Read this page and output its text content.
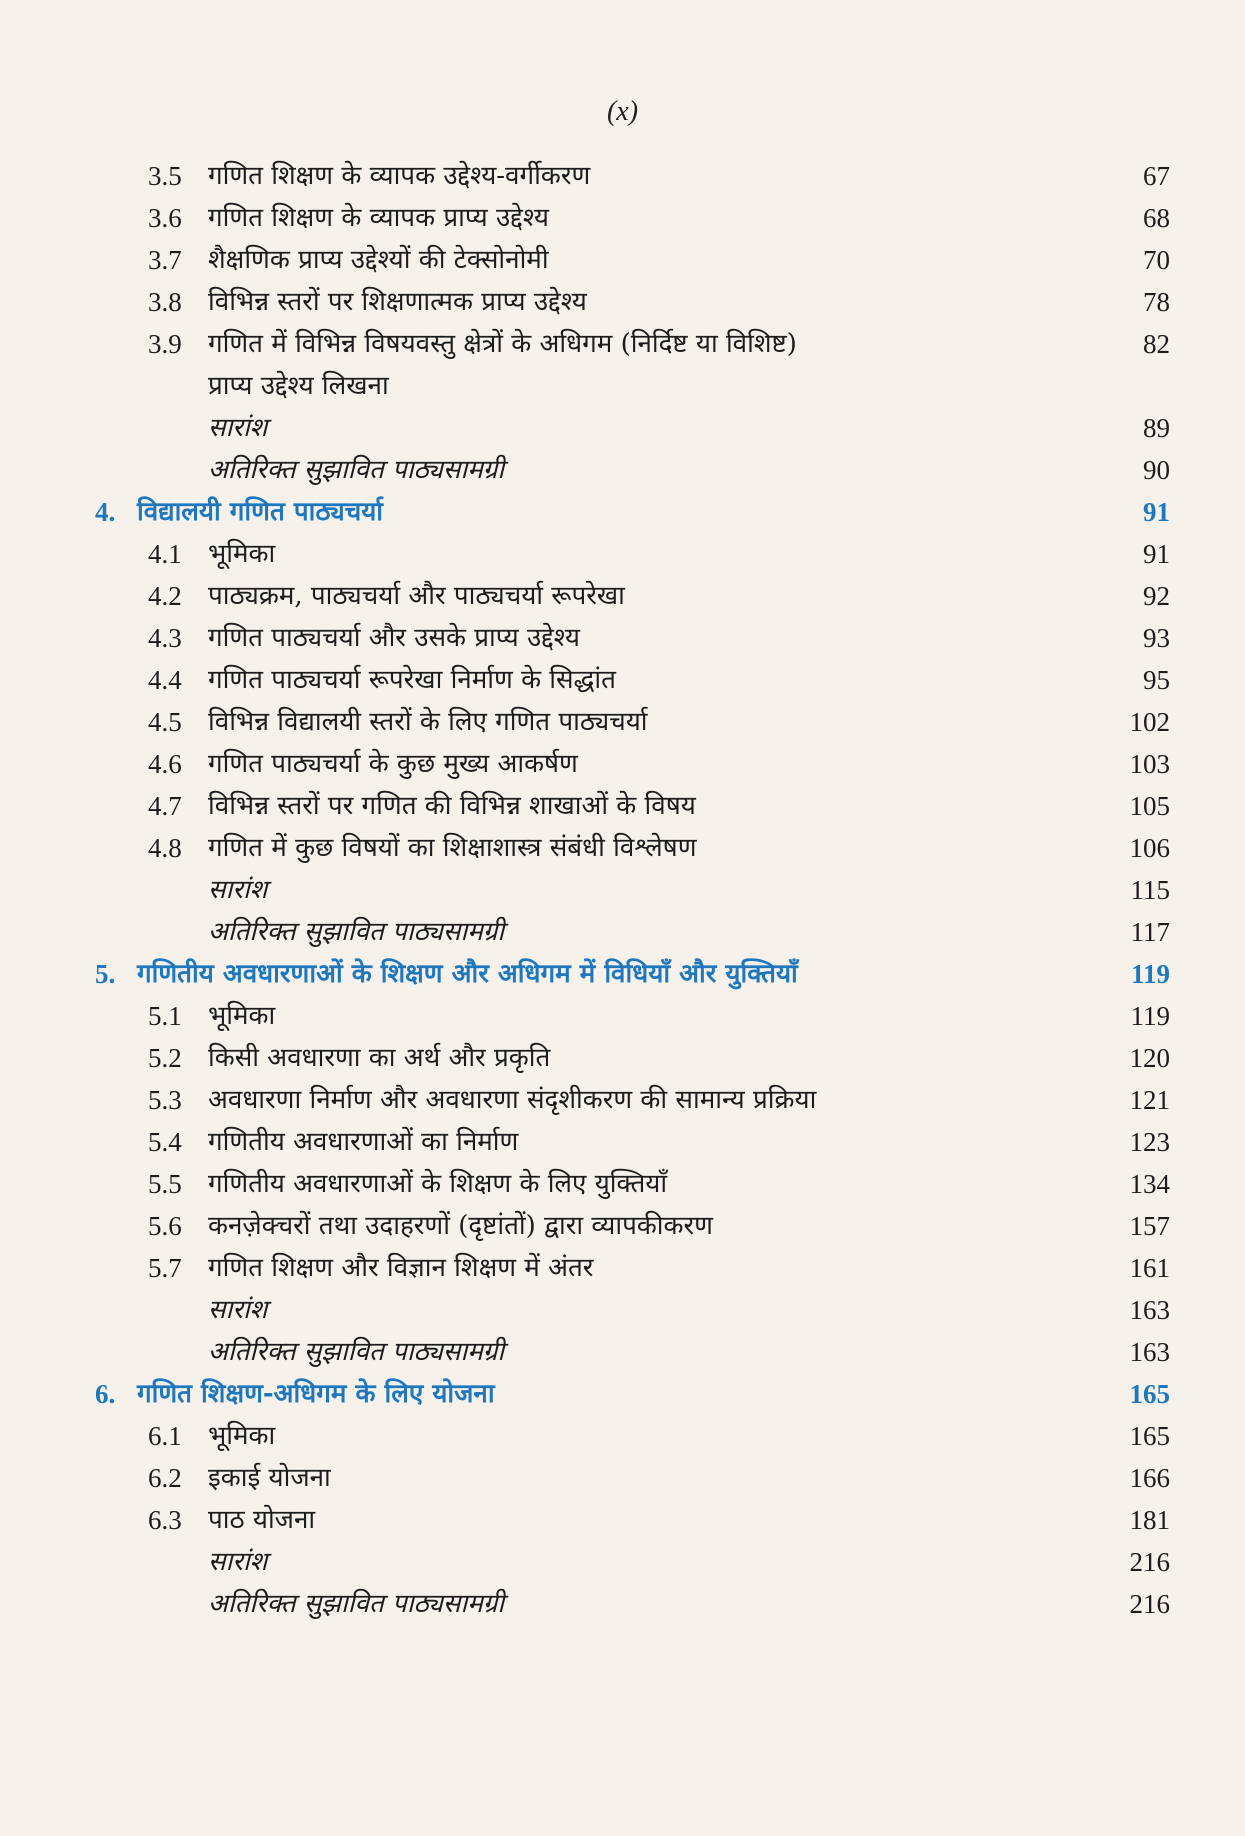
(x)
3.5 गणित शिक्षण के व्यापक उद्देश्य-वर्गीकरण	67
3.6 गणित शिक्षण के व्यापक प्राप्य उद्देश्य	68
3.7 शैक्षणिक प्राप्य उद्देश्यों की टेक्सोनोमी	70
3.8 विभिन्न स्तरों पर शिक्षणात्मक प्राप्य उद्देश्य	78
3.9 गणित में विभिन्न विषयवस्तु क्षेत्रों के अधिगम (निर्दिष्ट या विशिष्ट)	82
प्राप्य उद्देश्य लिखना
सारांश	89
अतिरिक्त सुझावित पाठ्यसामग्री	90
4. विद्यालयी गणित पाठ्यचर्या	91
4.1 भूमिका	91
4.2 पाठ्यक्रम, पाठ्यचर्या और पाठ्यचर्या रूपरेखा	92
4.3 गणित पाठ्यचर्या और उसके प्राप्य उद्देश्य	93
4.4 गणित पाठ्यचर्या रूपरेखा निर्माण के सिद्धांत	95
4.5 विभिन्न विद्यालयी स्तरों के लिए गणित पाठ्यचर्या	102
4.6 गणित पाठ्यचर्या के कुछ मुख्य आकर्षण	103
4.7 विभिन्न स्तरों पर गणित की विभिन्न शाखाओं के विषय	105
4.8 गणित में कुछ विषयों का शिक्षाशास्त्र संबंधी विश्लेषण	106
सारांश	115
अतिरिक्त सुझावित पाठ्यसामग्री	117
5. गणितीय अवधारणाओं के शिक्षण और अधिगम में विधियाँ और युक्तियाँ	119
5.1 भूमिका	119
5.2 किसी अवधारणा का अर्थ और प्रकृति	120
5.3 अवधारणा निर्माण और अवधारणा संदृशीकरण की सामान्य प्रक्रिया	121
5.4 गणितीय अवधारणाओं का निर्माण	123
5.5 गणितीय अवधारणाओं के शिक्षण के लिए युक्तियाँ	134
5.6 कनज़ेक्चरों तथा उदाहरणों (दृष्टांतों) द्वारा व्यापकीकरण	157
5.7 गणित शिक्षण और विज्ञान शिक्षण में अंतर	161
सारांश	163
अतिरिक्त सुझावित पाठ्यसामग्री	163
6. गणित शिक्षण-अधिगम के लिए योजना	165
6.1 भूमिका	165
6.2 इकाई योजना	166
6.3 पाठ योजना	181
सारांश	216
अतिरिक्त सुझावित पाठ्यसामग्री	216
